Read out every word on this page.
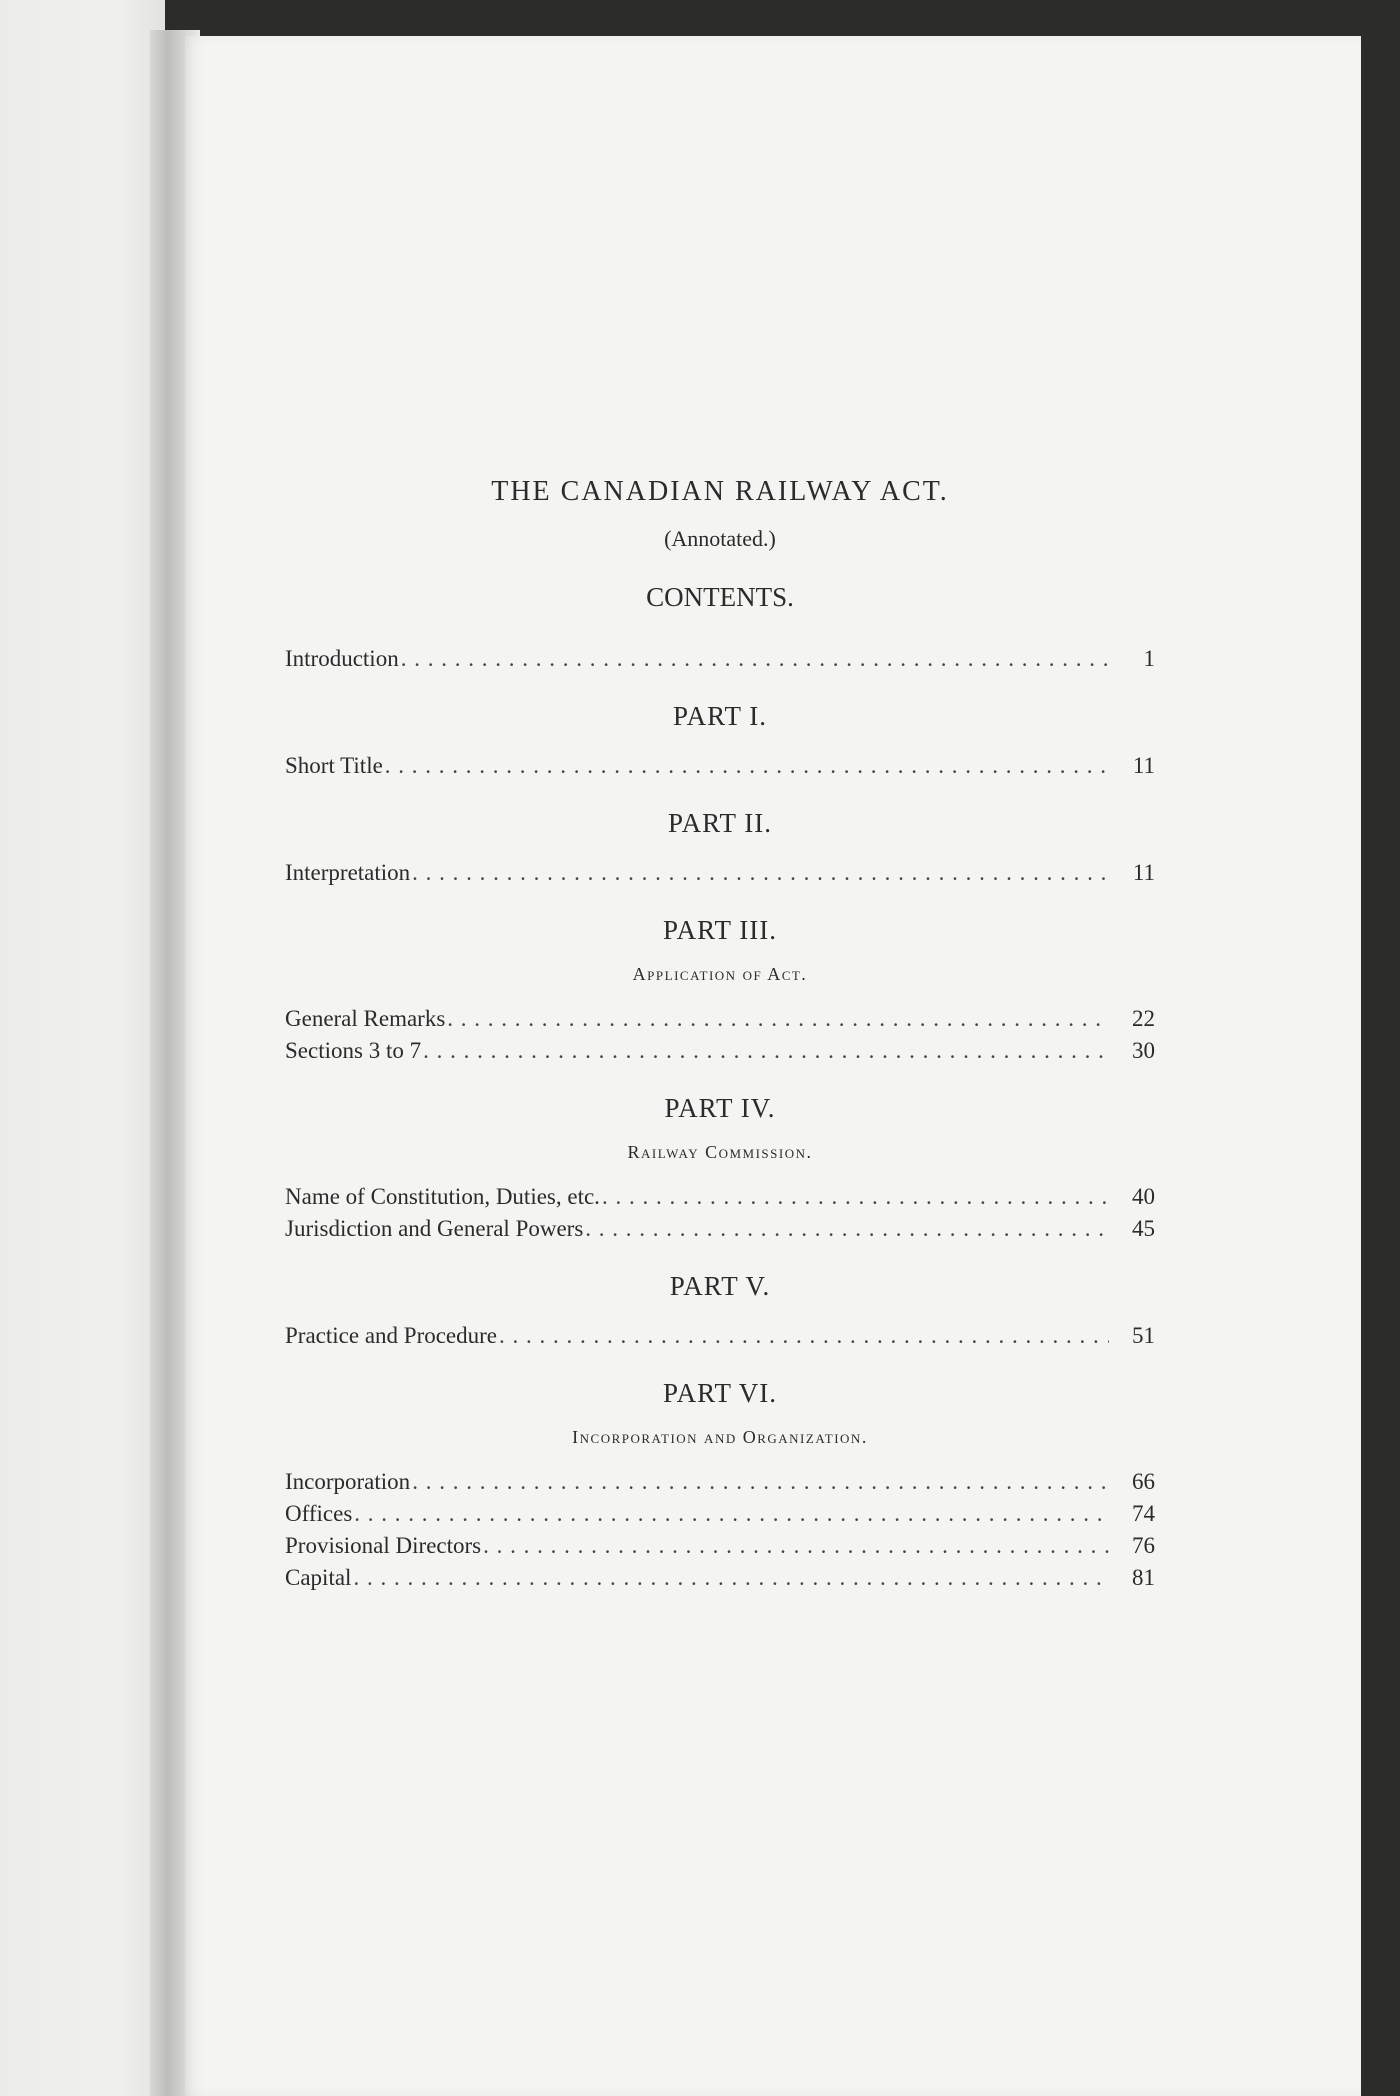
THE CANADIAN RAILWAY ACT.

(Annotated.)

CONTENTS.
Introduction . . .	1
PART I.
Short Title . . .	11
PART II.
Interpretation . . .	11
PART III.

Application of Act.

General Remarks . . .	22
Sections 3 to 7 . . .	30
PART IV.

Railway Commission.

Name of Constitution, Duties, etc. . . .	40
Jurisdiction and General Powers . . .	45
PART V.
Practice and Procedure . . .	51
PART VI.

Incorporation and Organization.

Incorporation . . .	66
Offices . . .	74
Provisional Directors . . .	76
Capital . . .	81
